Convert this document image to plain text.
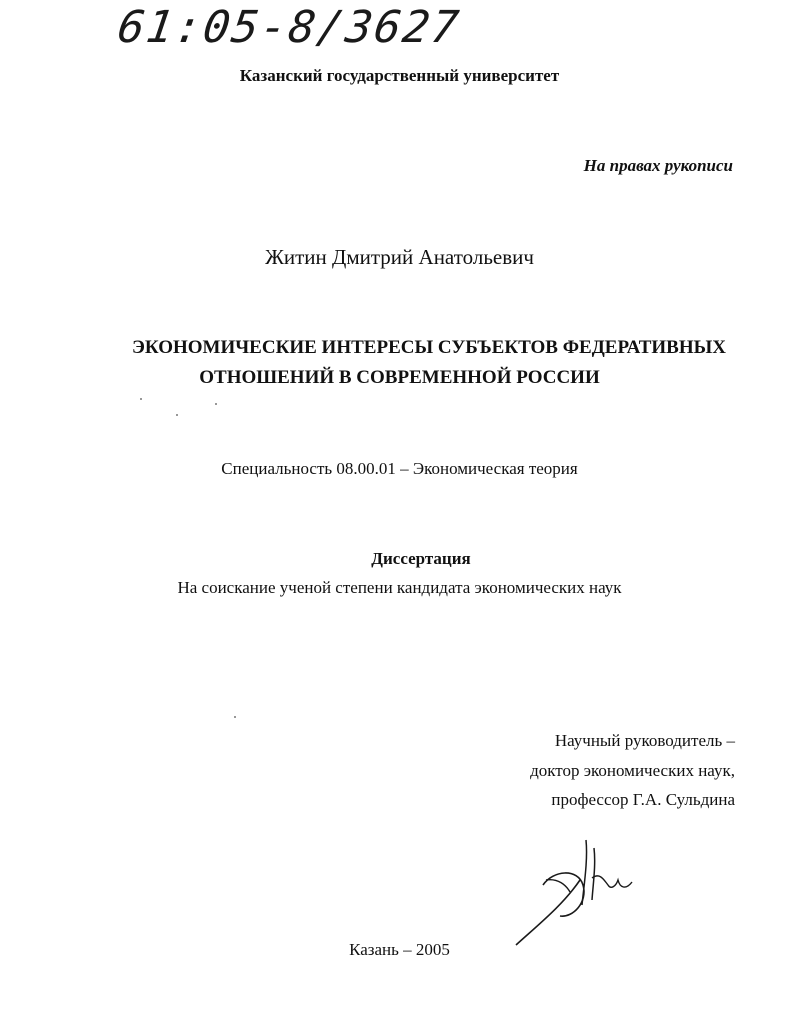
61:05-8/3627
Казанский государственный университет
На правах рукописи
Житин Дмитрий Анатольевич
ЭКОНОМИЧЕСКИЕ ИНТЕРЕСЫ СУБЪЕКТОВ ФЕДЕРАТИВНЫХ
ОТНОШЕНИЙ В СОВРЕМЕННОЙ РОССИИ
Специальность 08.00.01 – Экономическая теория
Диссертация
На соискание ученой степени кандидата экономических наук
Научный руководитель –
доктор экономических наук,
профессор Г.А. Сульдина
Казань – 2005
